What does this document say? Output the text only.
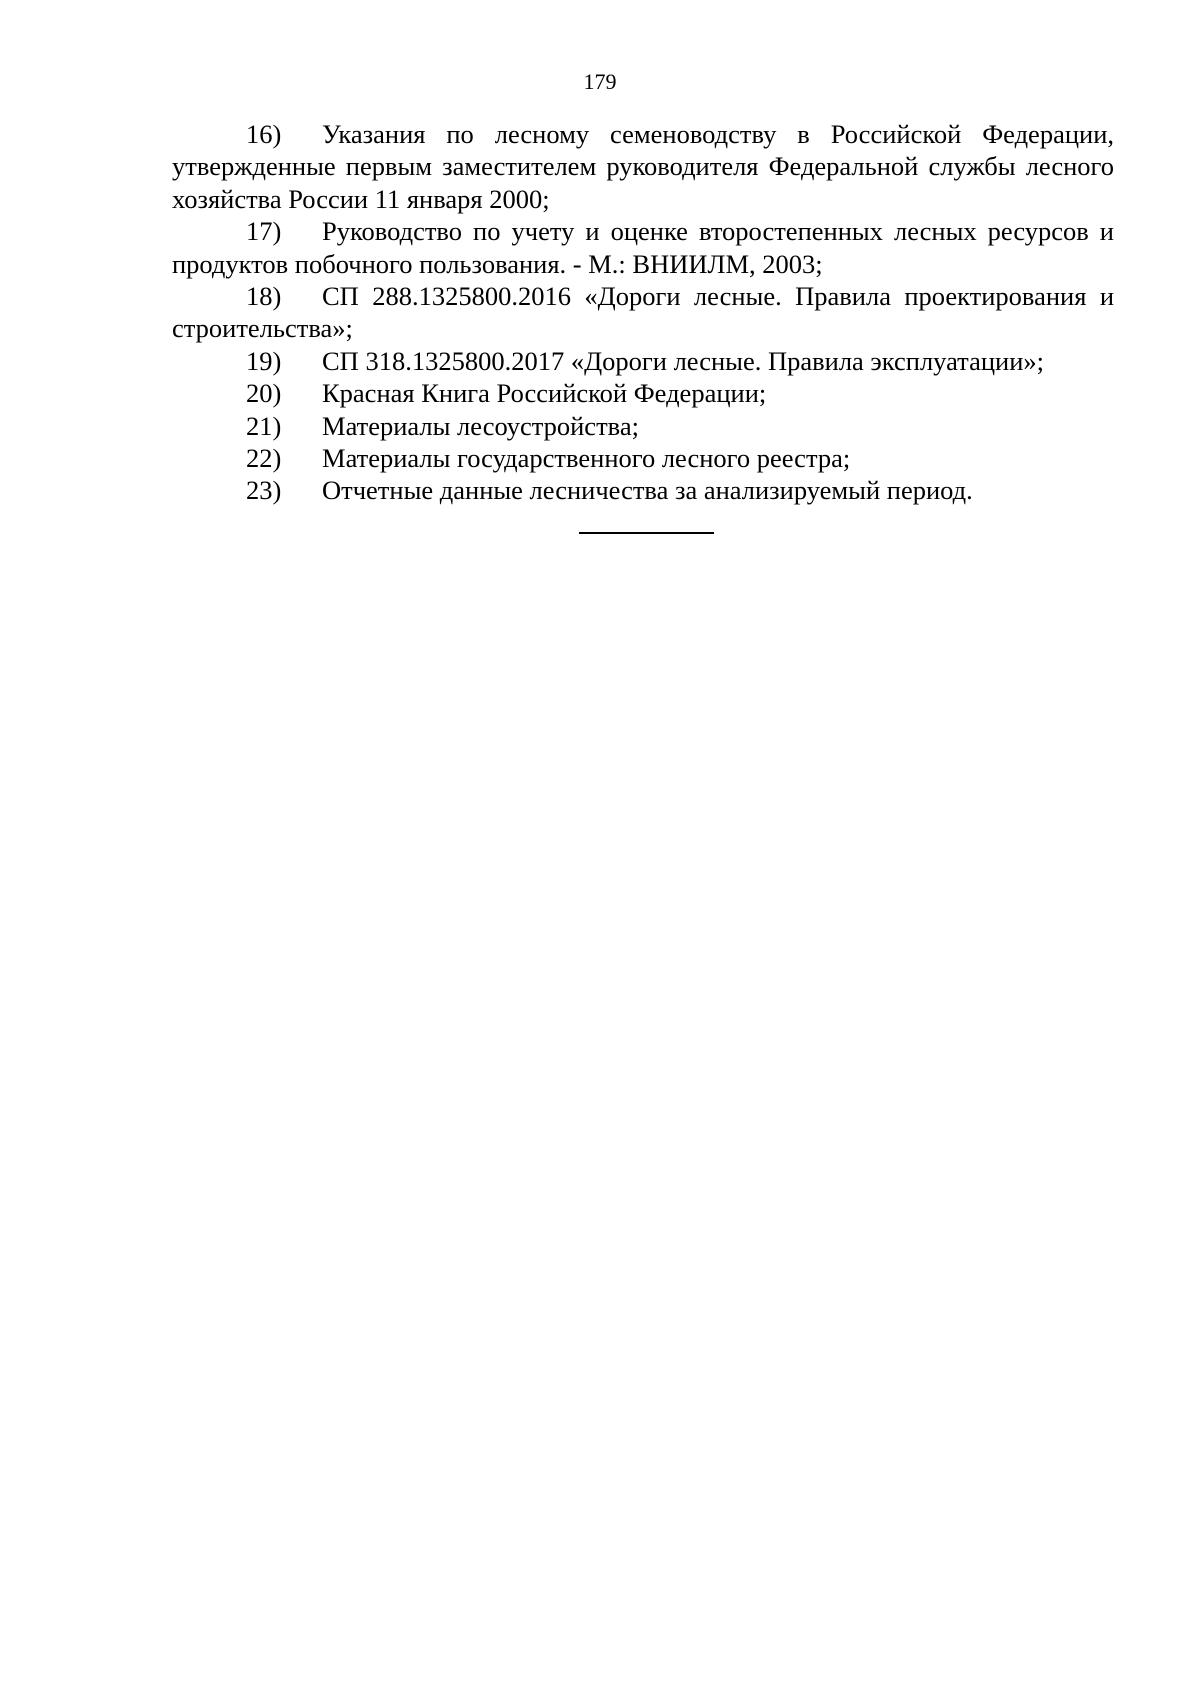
179

16) Указания по лесному семеноводству в Российской Федерации, утвержденные первым заместителем руководителя Федеральной службы лесного хозяйства России 11 января 2000;

17) Руководство по учету и оценке второстепенных лесных ресурсов и продуктов побочного пользования. - М.: ВНИИЛМ, 2003;

18) СП 288.1325800.2016 «Дороги лесные. Правила проектирования и строительства»;

19) СП 318.1325800.2017 «Дороги лесные. Правила эксплуатации»;

20) Красная Книга Российской Федерации;

21) Материалы лесоустройства;

22) Материалы государственного лесного реестра;

23) Отчетные данные лесничества за анализируемый период.
